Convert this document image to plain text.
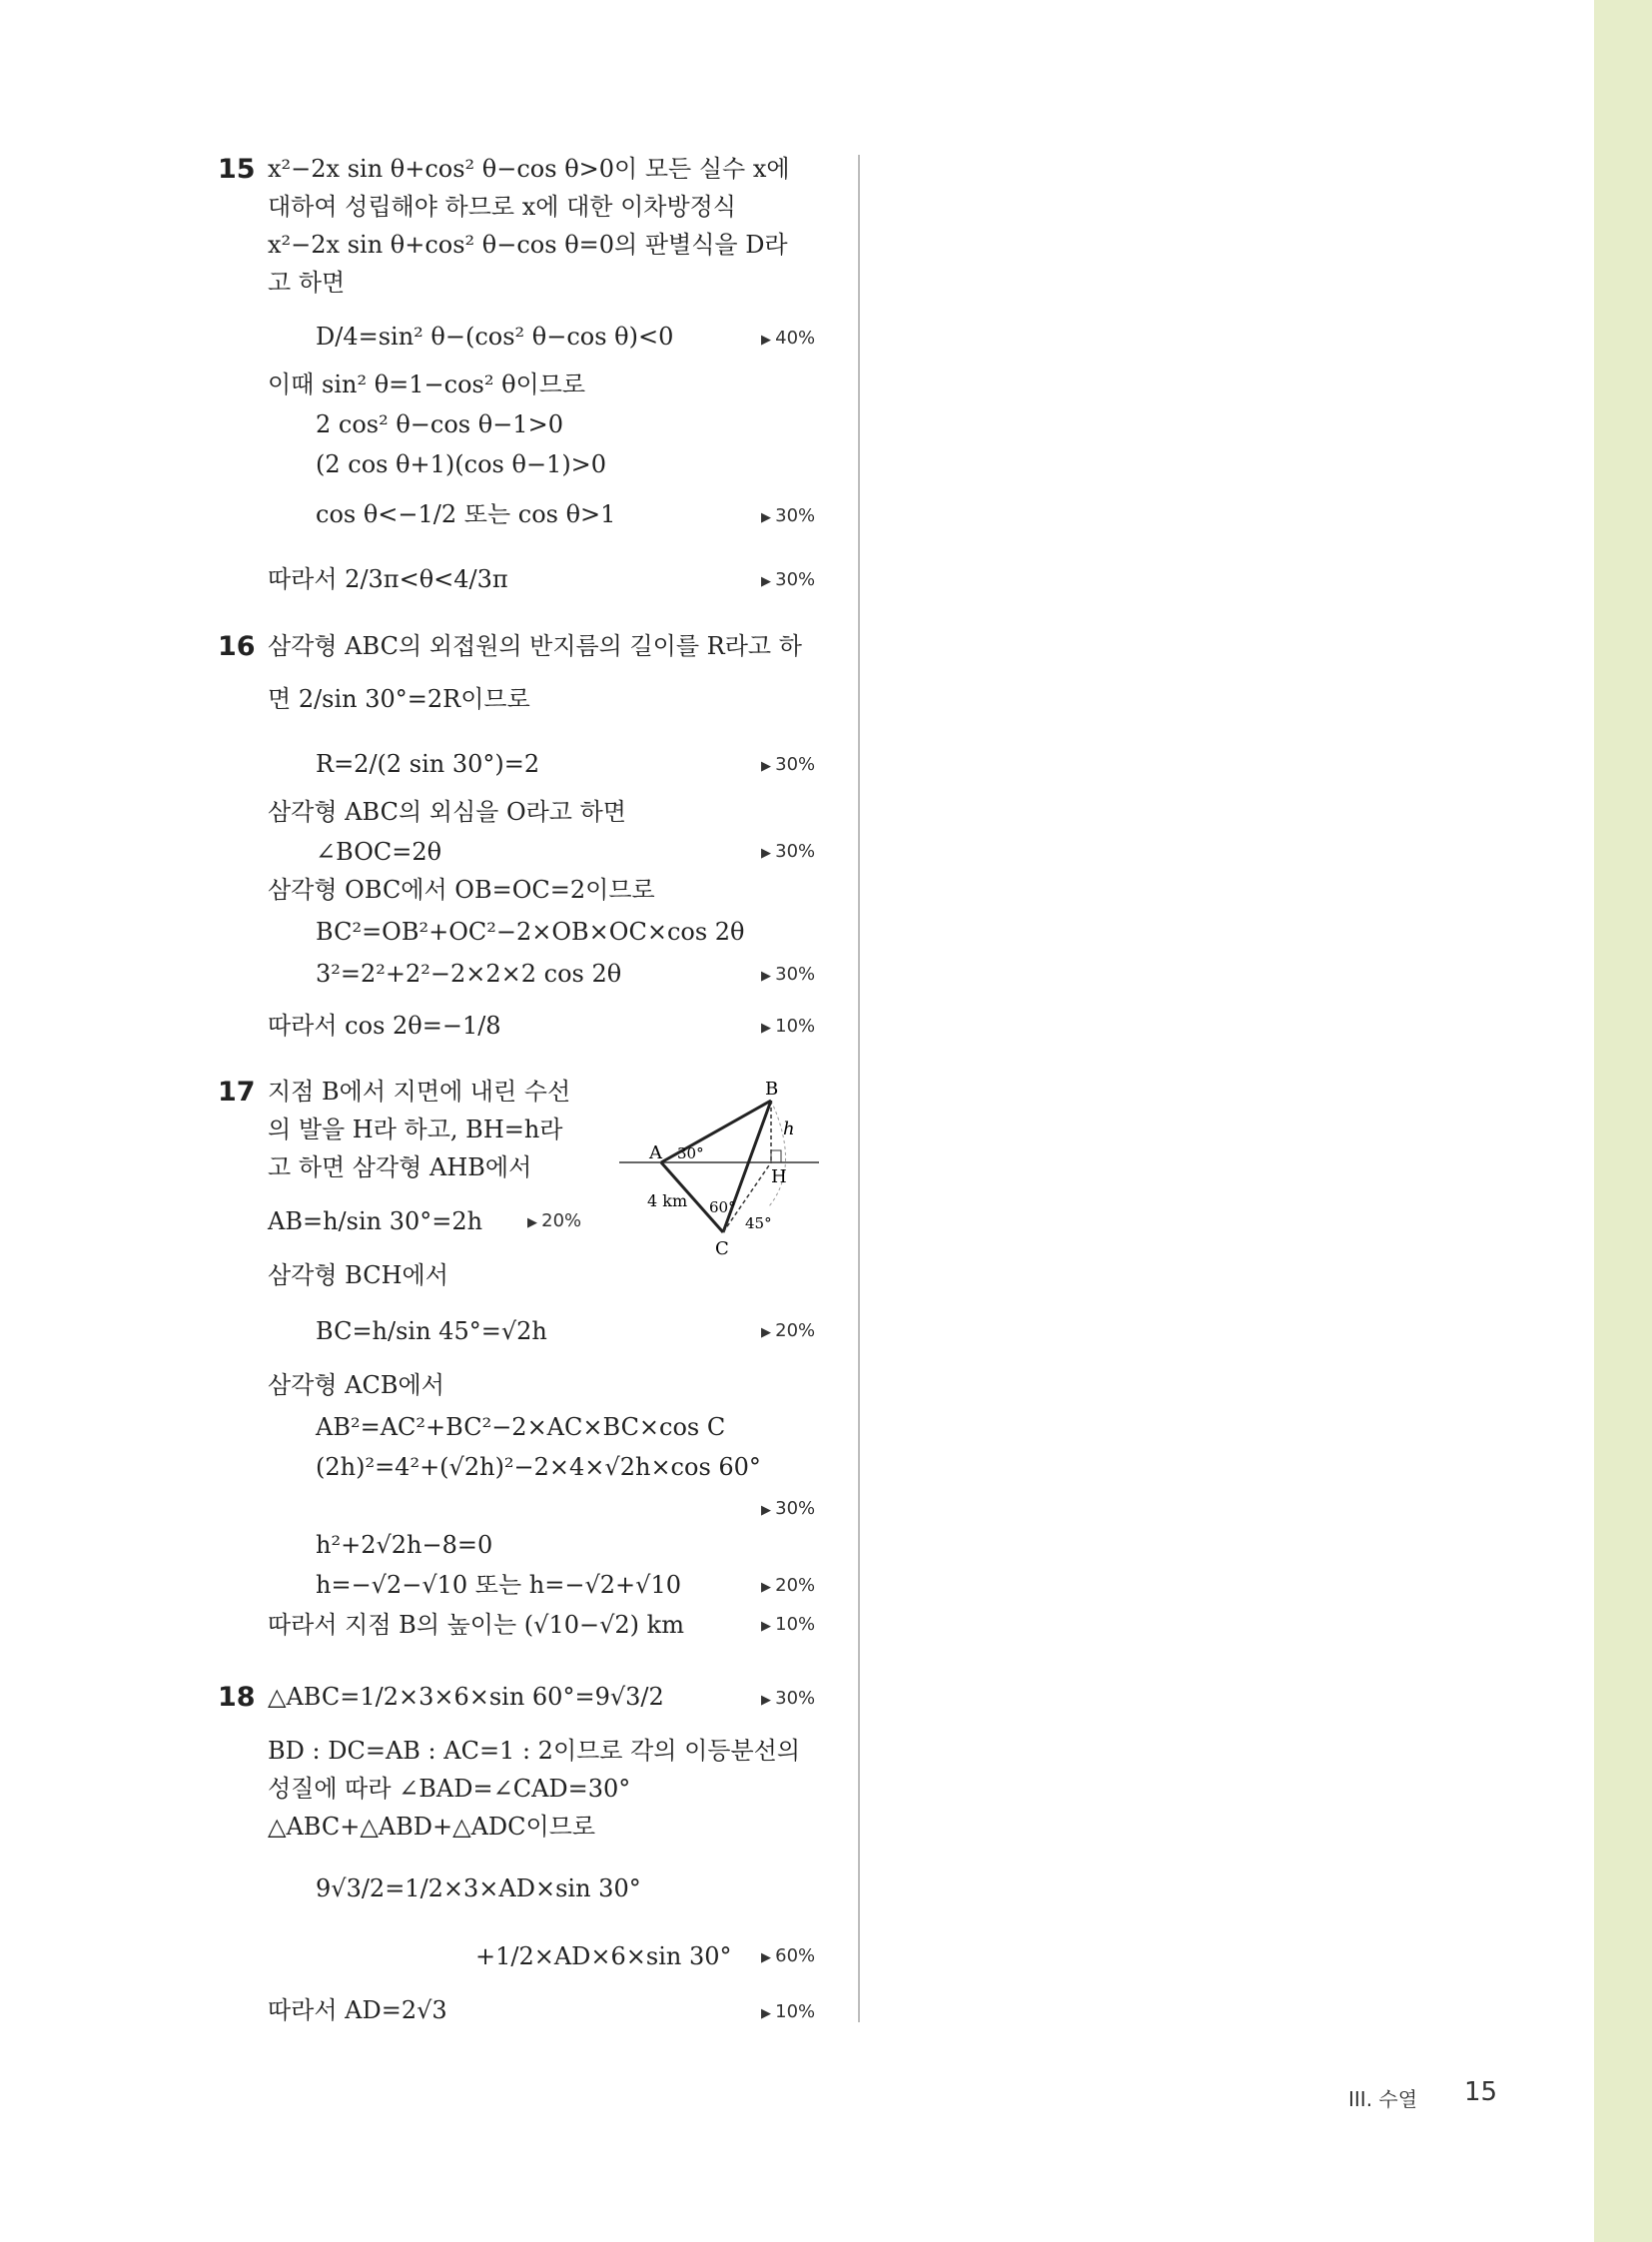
15 x²−2x sin θ+cos² θ−cos θ>0이 모든 실수 x에
대하여 성립해야 하므로 x에 대한 이차방정식
x²−2x sin θ+cos² θ−cos θ=0의 판별식을 D라
고 하면
D/4=sin² θ−(cos² θ−cos θ)<0	▶ 40%
이때 sin² θ=1−cos² θ이므로
2 cos² θ−cos θ−1>0
(2 cos θ+1)(cos θ−1)>0
cos θ<−1/2 또는 cos θ>1	▶ 30%
따라서 2/3π<θ<4/3π	▶ 30%
16 삼각형 ABC의 외접원의 반지름의 길이를 R라고 하
면 2/sin 30°=2R이므로
R=2/(2 sin 30°)=2	▶ 30%
삼각형 ABC의 외심을 O라고 하면
∠BOC=2θ	▶ 30%
삼각형 OBC에서 OB=OC=2이므로
BC²=OB²+OC²−2×OB×OC×cos 2θ
3²=2²+2²−2×2×2 cos 2θ	▶ 30%
따라서 cos 2θ=−1/8	▶ 10%
17 지점 B에서 지면에 내린 수선
의 발을 H라 하고, BH=h라
고 하면 삼각형 AHB에서
AB=h/sin 30°=2h	▶ 20%
삼각형 BCH에서
BC=h/sin 45°=√2h	▶ 20%
삼각형 ACB에서
AB²=AC²+BC²−2×AC×BC×cos C
(2h)²=4²+(√2h)²−2×4×√2h×cos 60°
▶ 30%
h²+2√2h−8=0
h=−√2−√10 또는 h=−√2+√10	▶ 20%
따라서 지점 B의 높이는 (√10−√2) km	▶ 10%
B
A
H
C
h
30°
60°
45°
4 km
18 △ABC=1/2×3×6×sin 60°=9√3/2	▶ 30%
BD : DC=AB : AC=1 : 2이므로 각의 이등분선의
성질에 따라 ∠BAD=∠CAD=30°
△ABC+△ABD+△ADC이므로
9√3/2=1/2×3×AD×sin 30°
+1/2×AD×6×sin 30°	▶ 60%
따라서 AD=2√3	▶ 10%
III. 수열 15
